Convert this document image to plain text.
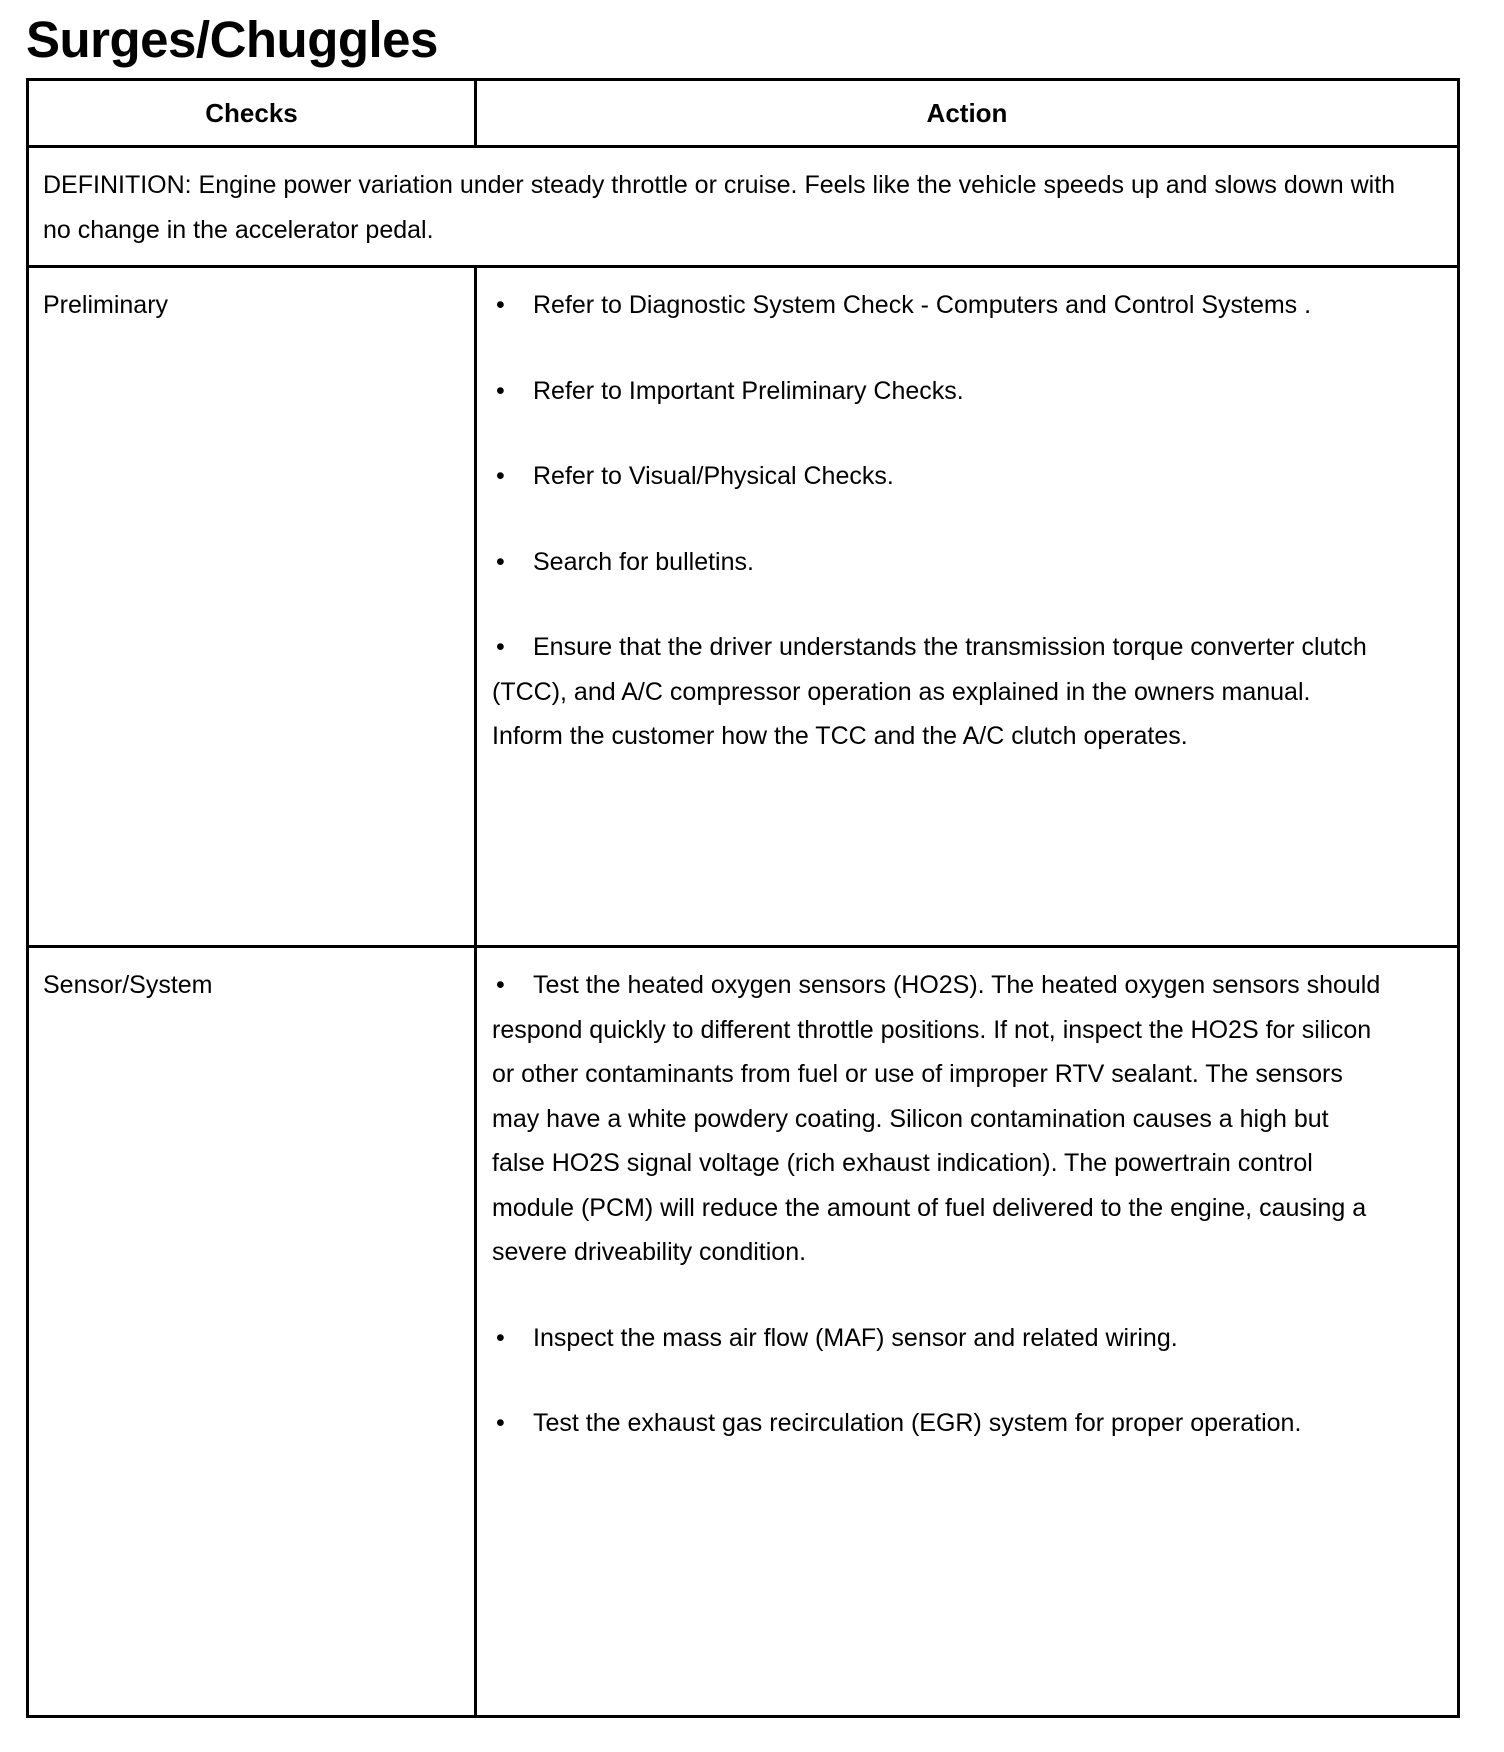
Surges/Chuggles
Checks	Action
DEFINITION: Engine power variation under steady throttle or cruise. Feels like the vehicle speeds up and slows down with no change in the accelerator pedal.
Preliminary	• Refer to Diagnostic System Check - Computers and Control Systems .
• Refer to Important Preliminary Checks.
• Refer to Visual/Physical Checks.
• Search for bulletins.
• Ensure that the driver understands the transmission torque converter clutch (TCC), and A/C compressor operation as explained in the owners manual. Inform the customer how the TCC and the A/C clutch operates.
Sensor/System	• Test the heated oxygen sensors (HO2S). The heated oxygen sensors should respond quickly to different throttle positions. If not, inspect the HO2S for silicon or other contaminants from fuel or use of improper RTV sealant. The sensors may have a white powdery coating. Silicon contamination causes a high but false HO2S signal voltage (rich exhaust indication). The powertrain control module (PCM) will reduce the amount of fuel delivered to the engine, causing a severe driveability condition.
• Inspect the mass air flow (MAF) sensor and related wiring.
• Test the exhaust gas recirculation (EGR) system for proper operation.
